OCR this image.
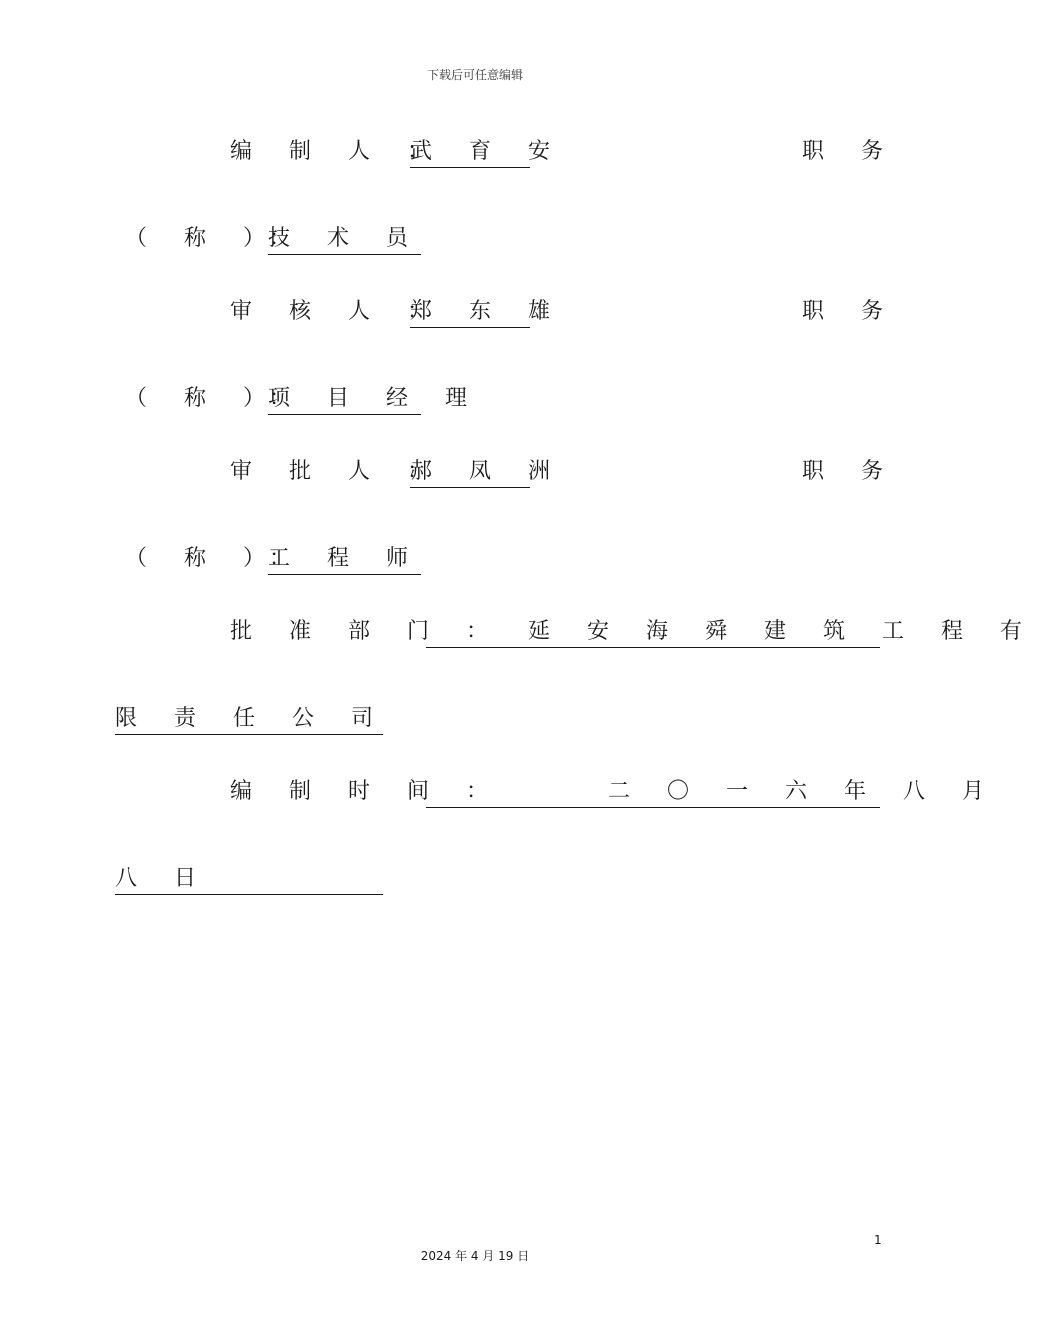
下载后可任意编辑
编 制 人 ：
武 育 安	职 务
（ 称 ）：
技 术 员
审 核 人 ：
郑 东 雄	职 务
（ 称 ）：
项 目 经 理
审 批 人 ：
郝 凤 洲	职 务
（ 称 ）：
工 程 师
批 准 部 门 ： 延 安 海 舜 建 筑 工 程 有
限 责 任 公 司
编 制 时 间 ：	二 〇 一 六 年 八 月
八 日
1
2024 年 4 月 19 日
